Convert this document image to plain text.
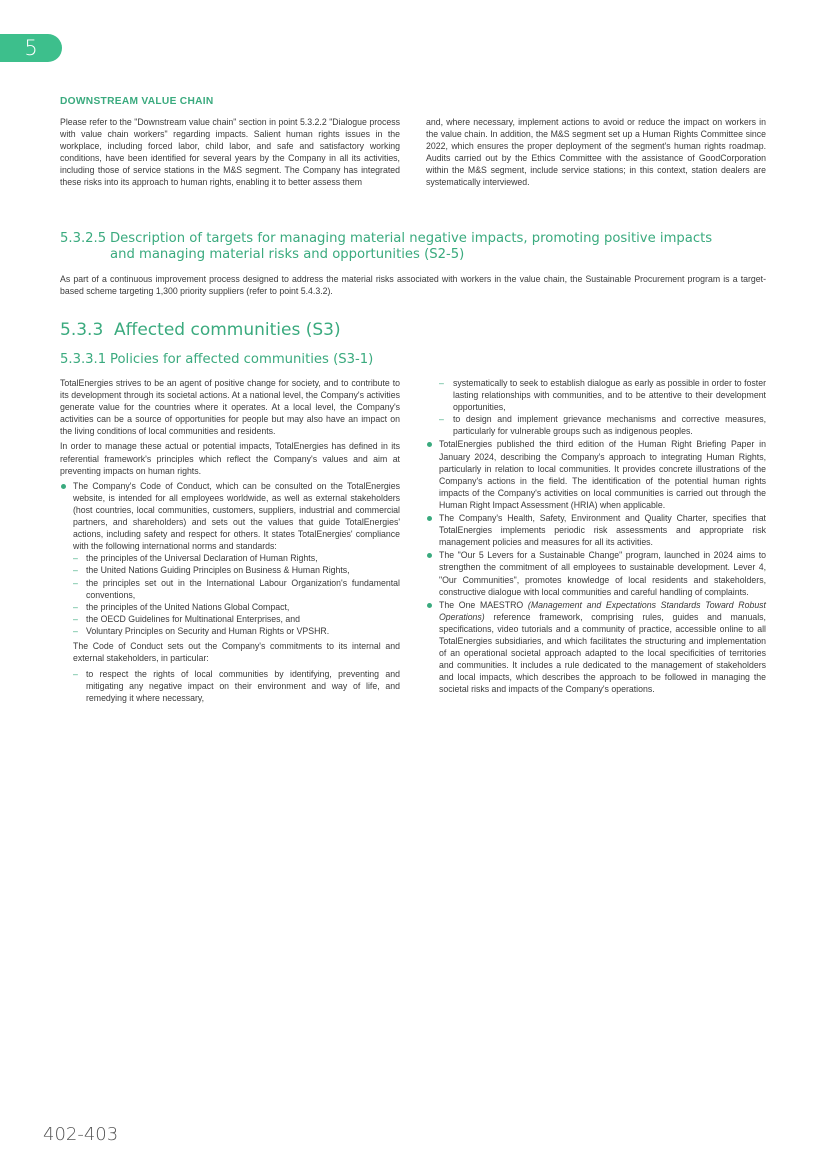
5
DOWNSTREAM VALUE CHAIN

Please refer to the "Downstream value chain" section in point 5.3.2.2 "Dialogue process with value chain workers" regarding impacts. Salient human rights issues in the workplace, including forced labor, child labor, and safe and satisfactory working conditions, have been identified for several years by the Company in all its activities, including those of service stations in the M&S segment. The Company has integrated these risks into its approach to human rights, enabling it to better assess them

and, where necessary, implement actions to avoid or reduce the impact on workers in the value chain. In addition, the M&S segment set up a Human Rights Committee since 2022, which ensures the proper deployment of the segment's human rights roadmap. Audits carried out by the Ethics Committee with the assistance of GoodCorporation within the M&S segment, include service stations; in this context, station dealers are systematically interviewed.

5.3.2.5 Description of targets for managing material negative impacts, promoting positive impacts
and managing material risks and opportunities (S2-5)

As part of a continuous improvement process designed to address the material risks associated with workers in the value chain, the Sustainable Procurement program is a target-based scheme targeting 1,300 priority suppliers (refer to point 5.4.3.2).

5.3.3 Affected communities (S3)
5.3.3.1 Policies for affected communities (S3-1)

TotalEnergies strives to be an agent of positive change for society, and to contribute to its development through its societal actions. At a national level, the Company's activities generate value for the countries where it operates. At a local level, the Company's activities can be a source of opportunities for people but may also have an impact on the living conditions of local communities and residents.

In order to manage these actual or potential impacts, TotalEnergies has defined in its referential framework's principles which reflect the Company's values and aim at preventing impacts on human rights.

The Company's Code of Conduct, which can be consulted on the TotalEnergies website, is intended for all employees worldwide, as well as external stakeholders (host countries, local communities, customers, suppliers, industrial and commercial partners, and shareholders) and sets out the values that guide TotalEnergies' actions, including safety and respect for others. It states TotalEnergies' compliance with the following international norms and standards:
– the principles of the Universal Declaration of Human Rights,
– the United Nations Guiding Principles on Business & Human Rights,
– the principles set out in the International Labour Organization's fundamental conventions,
– the principles of the United Nations Global Compact,
– the OECD Guidelines for Multinational Enterprises, and
– Voluntary Principles on Security and Human Rights or VPSHR.

The Code of Conduct sets out the Company's commitments to its internal and external stakeholders, in particular:

– to respect the rights of local communities by identifying, preventing and mitigating any negative impact on their environment and way of life, and remedying it where necessary,
– systematically to seek to establish dialogue as early as possible in order to foster lasting relationships with communities, and to be attentive to their development opportunities,
– to design and implement grievance mechanisms and corrective measures, particularly for vulnerable groups such as indigenous peoples.
TotalEnergies published the third edition of the Human Right Briefing Paper in January 2024, describing the Company's approach to integrating Human Rights, particularly in relation to local communities. It provides concrete illustrations of the Company's actions in the field. The identification of the potential human rights impacts of the Company's activities on local communities is carried out through the Human Right Impact Assessment (HRIA) when applicable.
The Company's Health, Safety, Environment and Quality Charter, specifies that TotalEnergies implements periodic risk assessments and appropriate risk management policies and measures for all its activities.
The "Our 5 Levers for a Sustainable Change" program, launched in 2024 aims to strengthen the commitment of all employees to sustainable development. Lever 4, "Our Communities", promotes knowledge of local residents and stakeholders, constructive dialogue with local communities and careful handling of complaints.
The One MAESTRO (Management and Expectations Standards Toward Robust Operations) reference framework, comprising rules, guides and manuals, specifications, video tutorials and a community of practice, accessible online to all TotalEnergies subsidiaries, and which facilitates the structuring and implementation of an operational societal approach adapted to the local specificities of territories and communities. It includes a rule dedicated to the management of stakeholders and local impacts, which describes the approach to be followed in managing the societal risks and impacts of the Company's operations.
402-403
